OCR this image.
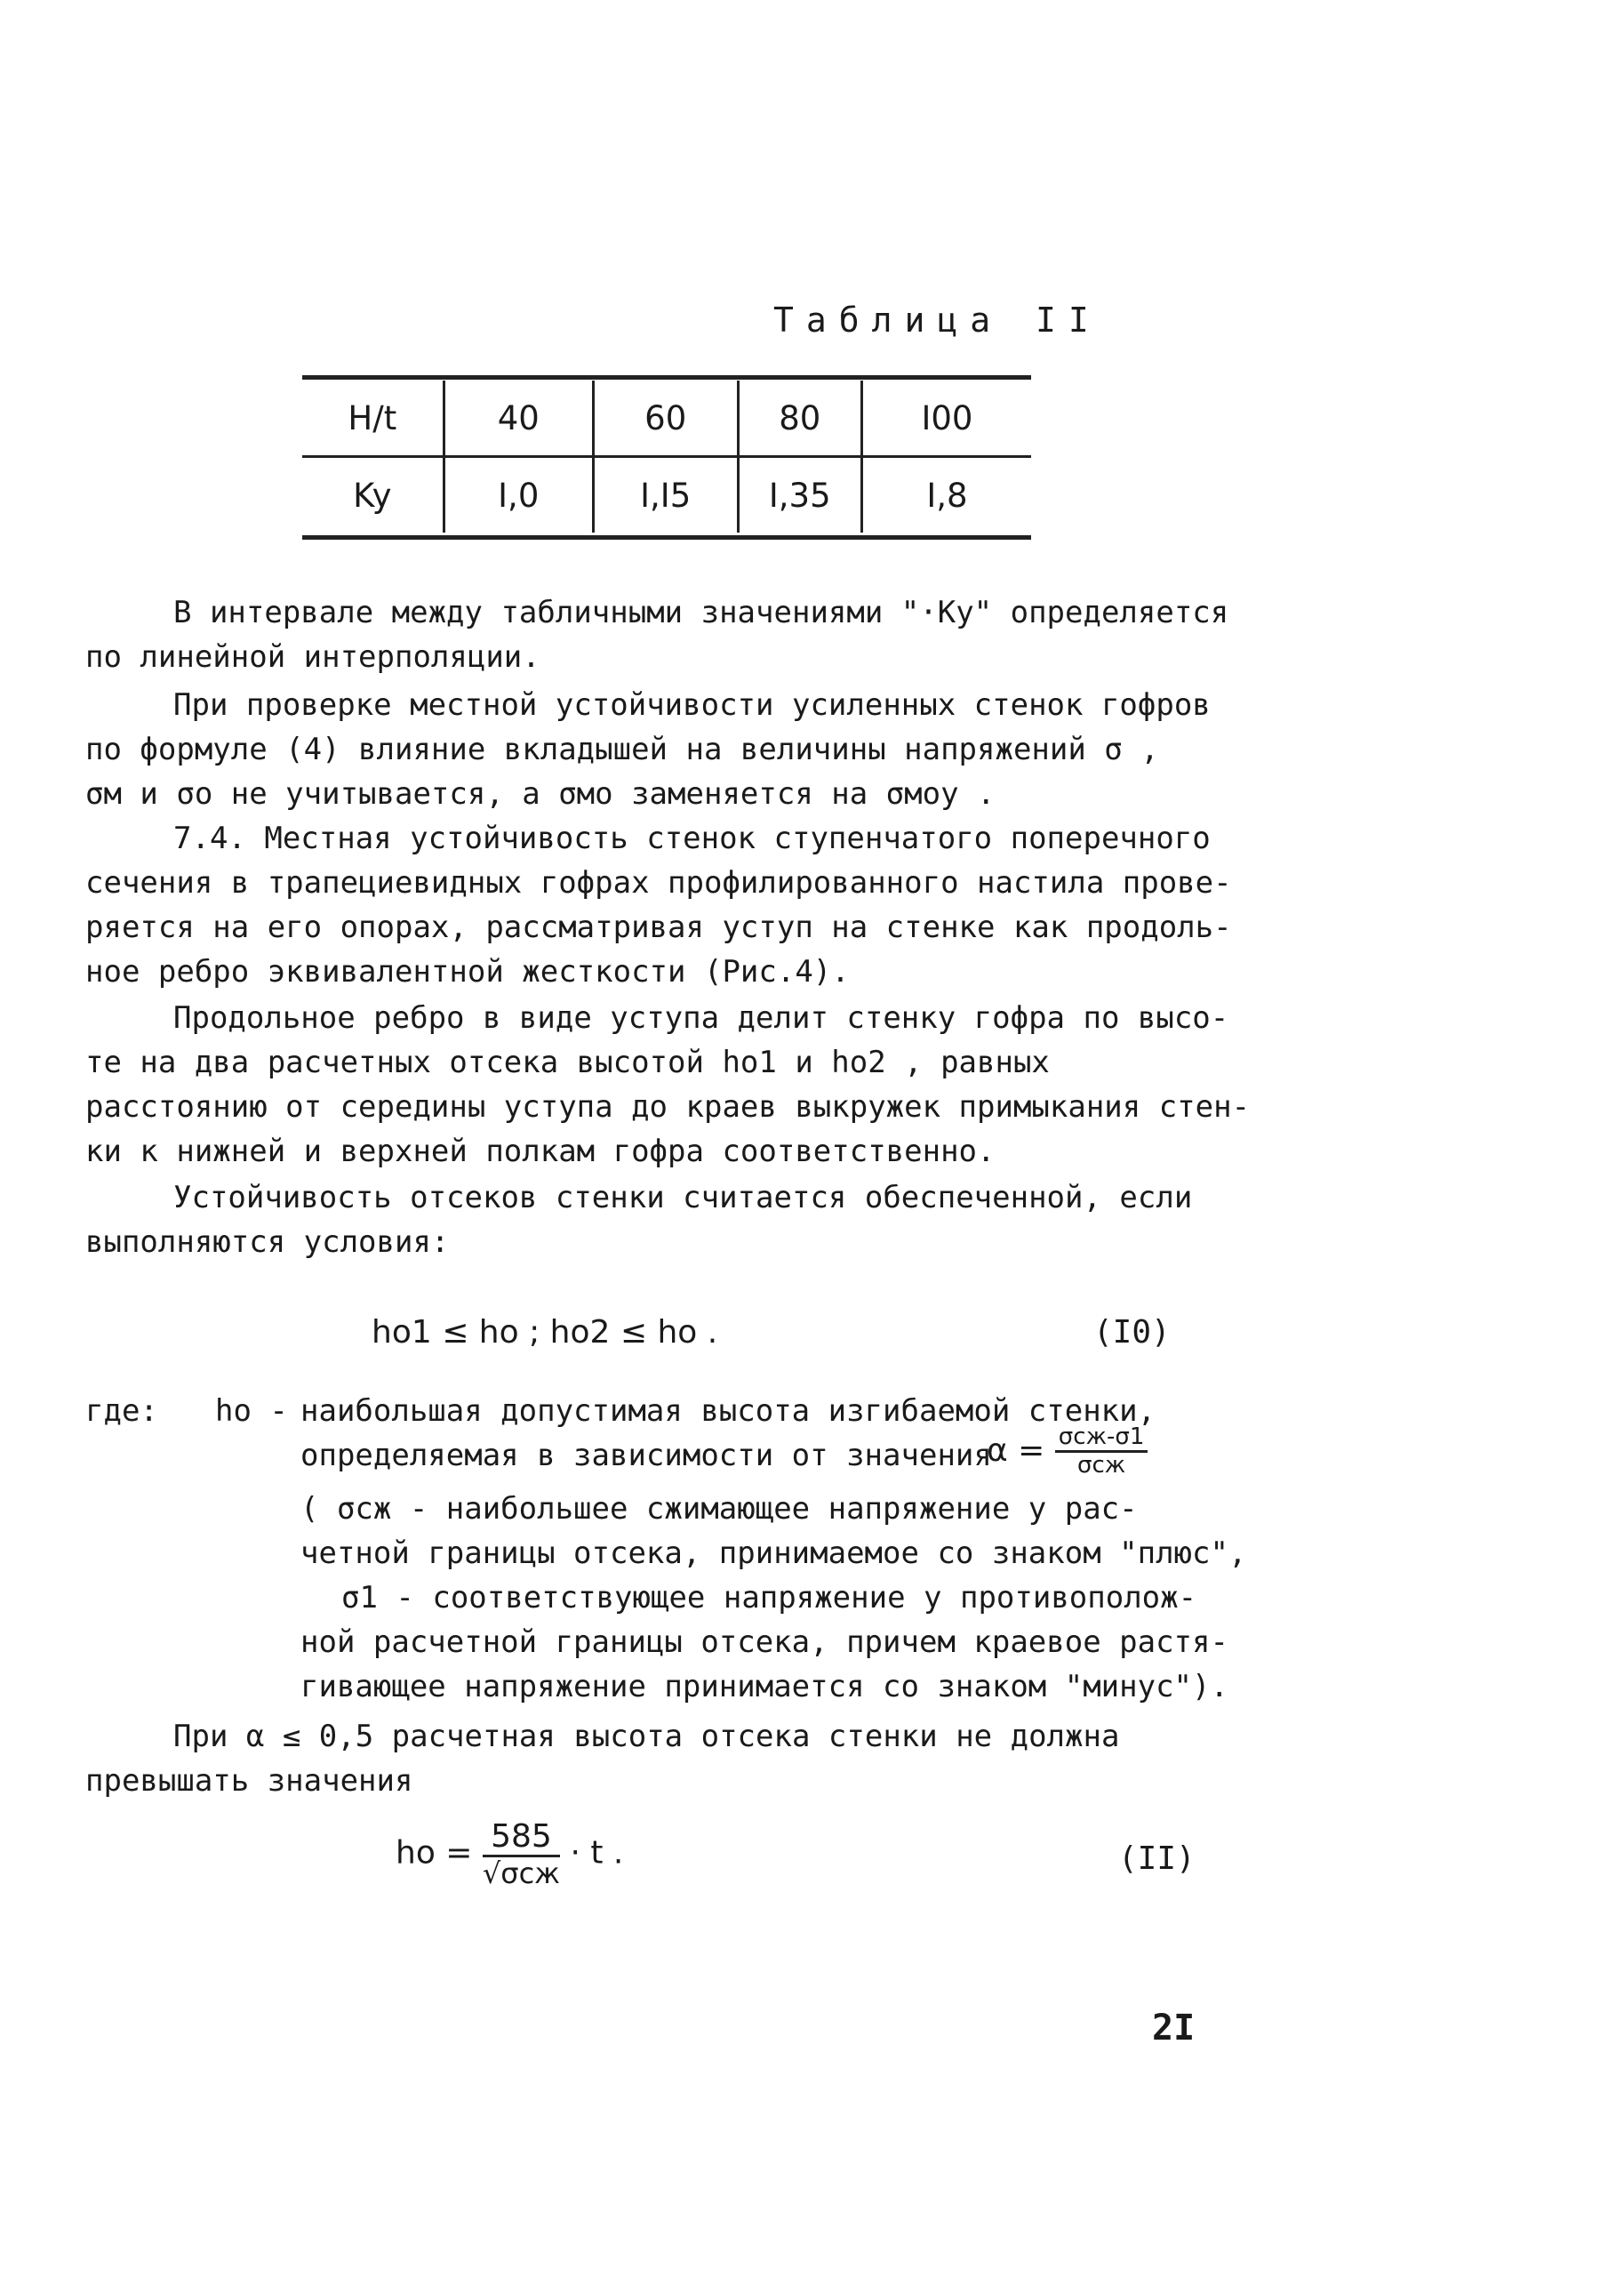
Таблица II
H/t	40	60	80	I00
Ky	I,0	I,I5	I,35	I,8
В интервале между табличными значениями "·Ky" определяется
по линейной интерполяции.
При проверке местной устойчивости усиленных стенок гофров
по формуле (4) влияние вкладышей на величины напряжений σ ,
σм и σо не учитывается, а σмо заменяется на σмоу .
7.4. Местная устойчивость стенок ступенчатого поперечного
сечения в трапециевидных гофрах профилированного настила прове-
ряется на его опорах, рассматривая уступ на стенке как продоль-
ное ребро эквивалентной жесткости (Рис.4).
Продольное ребро в виде уступа делит стенку гофра по высо-
те на два расчетных отсека высотой hо1 и hо2 , равных
расстоянию от середины уступа до краев выкружек примыкания стен-
ки к нижней и верхней полкам гофра соответственно.
Устойчивость отсеков стенки считается обеспеченной, если
выполняются условия:
hо1 ≤ hо ; hо2 ≤ hо .	(I0)
где: hо - наибольшая допустимая высота изгибаемой стенки,
определяемая в зависимости от значения
$\alpha = \frac{\text{σсж-σ1}}{\text{σсж}}$
( σсж - наибольшее сжимающее напряжение у рас-
четной границы отсека, принимаемое со знаком "плюс",
σ1 - соответствующее напряжение у противополож-
ной расчетной границы отсека, причем краевое растя-
гивающее напряжение принимается со знаком "минус").
При α ≤ 0,5 расчетная высота отсека стенки не должна
превышать значения
hо = $\frac{585}{\text{√σсж}} \cdot t$ .	(II)
2I
